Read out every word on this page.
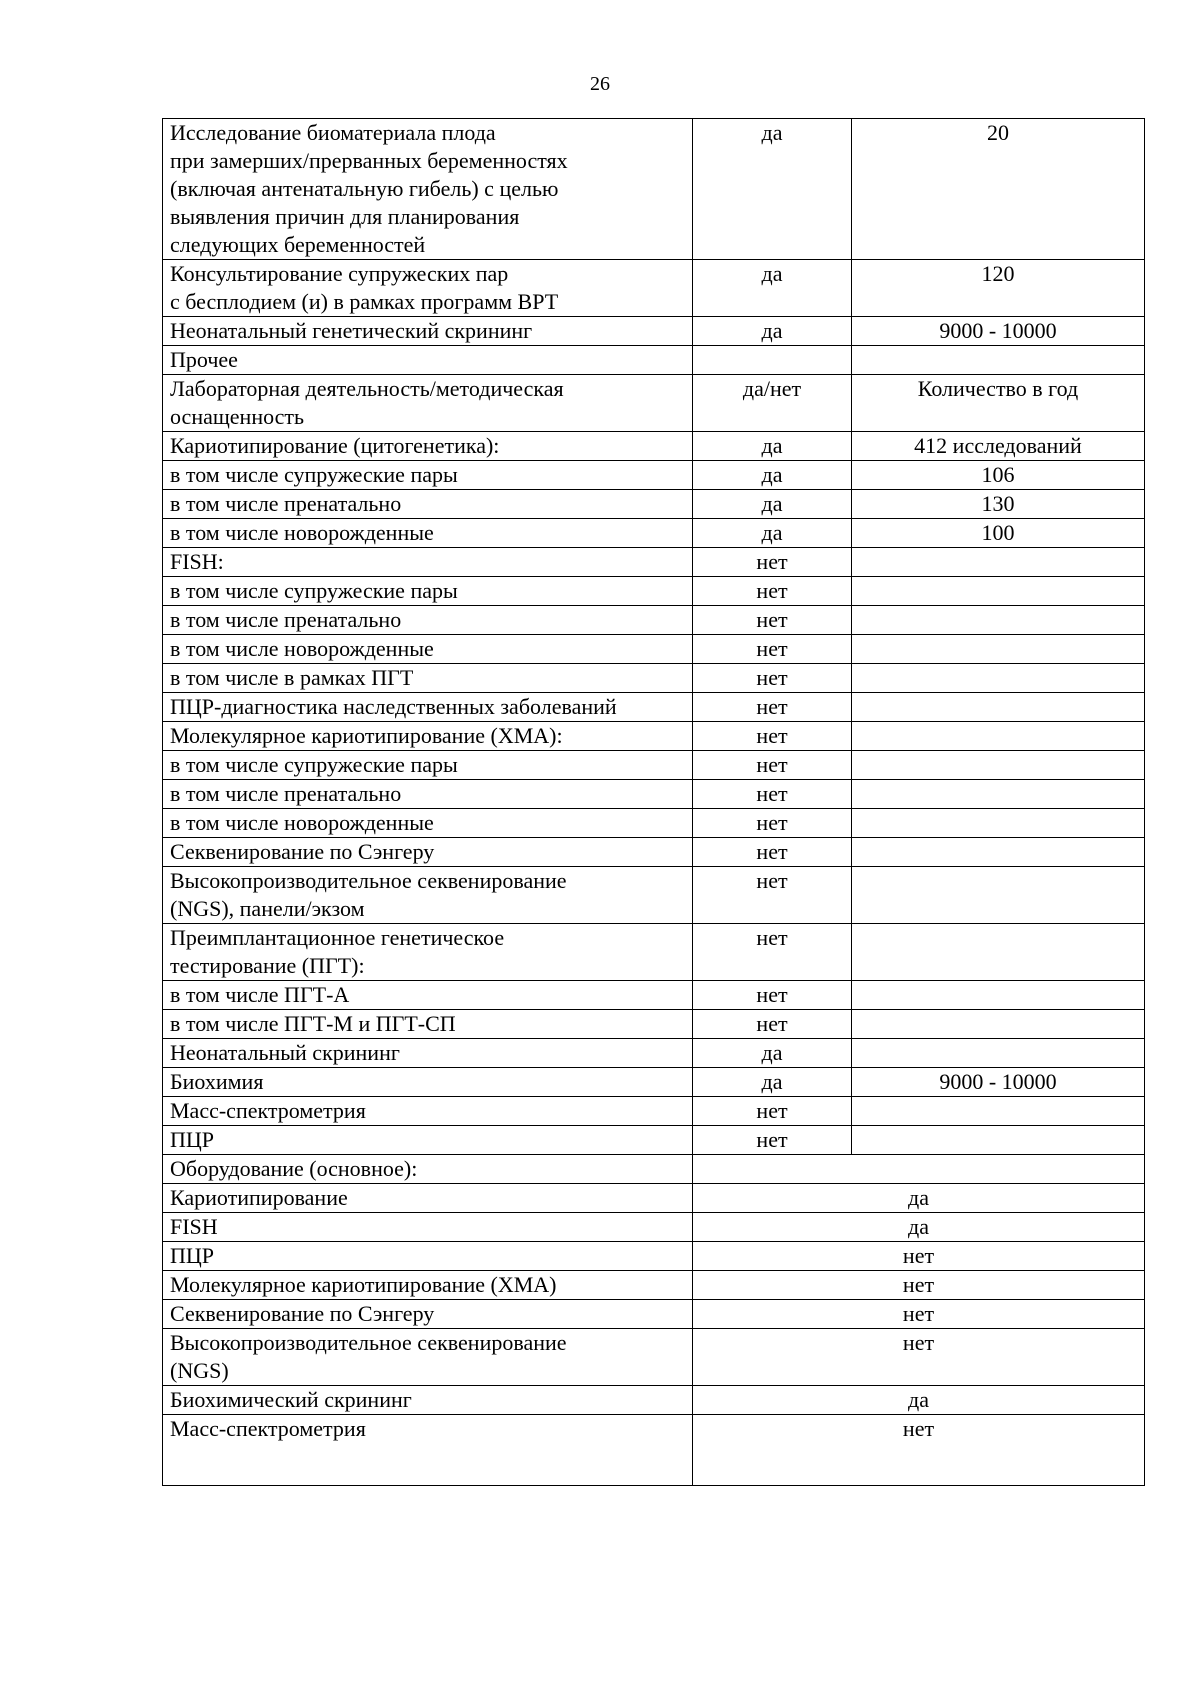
26
Исследование биоматериала плода
при замерших/прерванных беременностях
(включая антенатальную гибель) с целью
выявления причин для планирования
следующих беременностей	да	20

Консультирование супружеских пар
с бесплодием (и) в рамках программ ВРТ	да	120

Неонатальный генетический скрининг	да	9000 - 10000

Прочее		

Лабораторная деятельность/методическая
оснащенность	да/нет	Количество в год

Кариотипирование (цитогенетика):	да	412 исследований

в том числе супружеские пары	да	106

в том числе пренатально	да	130

в том числе новорожденные	да	100

FISH:	нет	

в том числе супружеские пары	нет	

в том числе пренатально	нет	

в том числе новорожденные	нет	

в том числе в рамках ПГТ	нет	

ПЦР-диагностика наследственных заболеваний	нет	

Молекулярное кариотипирование (ХМА):	нет	

в том числе супружеские пары	нет	

в том числе пренатально	нет	

в том числе новорожденные	нет	

Секвенирование по Сэнгеру	нет	

Высокопроизводительное секвенирование
(NGS), панели/экзом	нет	

Преимплантационное генетическое
тестирование (ПГТ):	нет	

в том числе ПГТ-А	нет	

в том числе ПГТ-М и ПГТ-СП	нет	

Неонатальный скрининг	да	

Биохимия	да	9000 - 10000

Масс-спектрометрия	нет	

ПЦР	нет	

Оборудование (основное):		

Кариотипирование	да	

FISH	да	

ПЦР	нет	

Молекулярное кариотипирование (ХМА)	нет	

Секвенирование по Сэнгеру	нет	

Высокопроизводительное секвенирование
(NGS)	нет	

Биохимический скрининг	да	

Масс-спектрометрия	нет	
